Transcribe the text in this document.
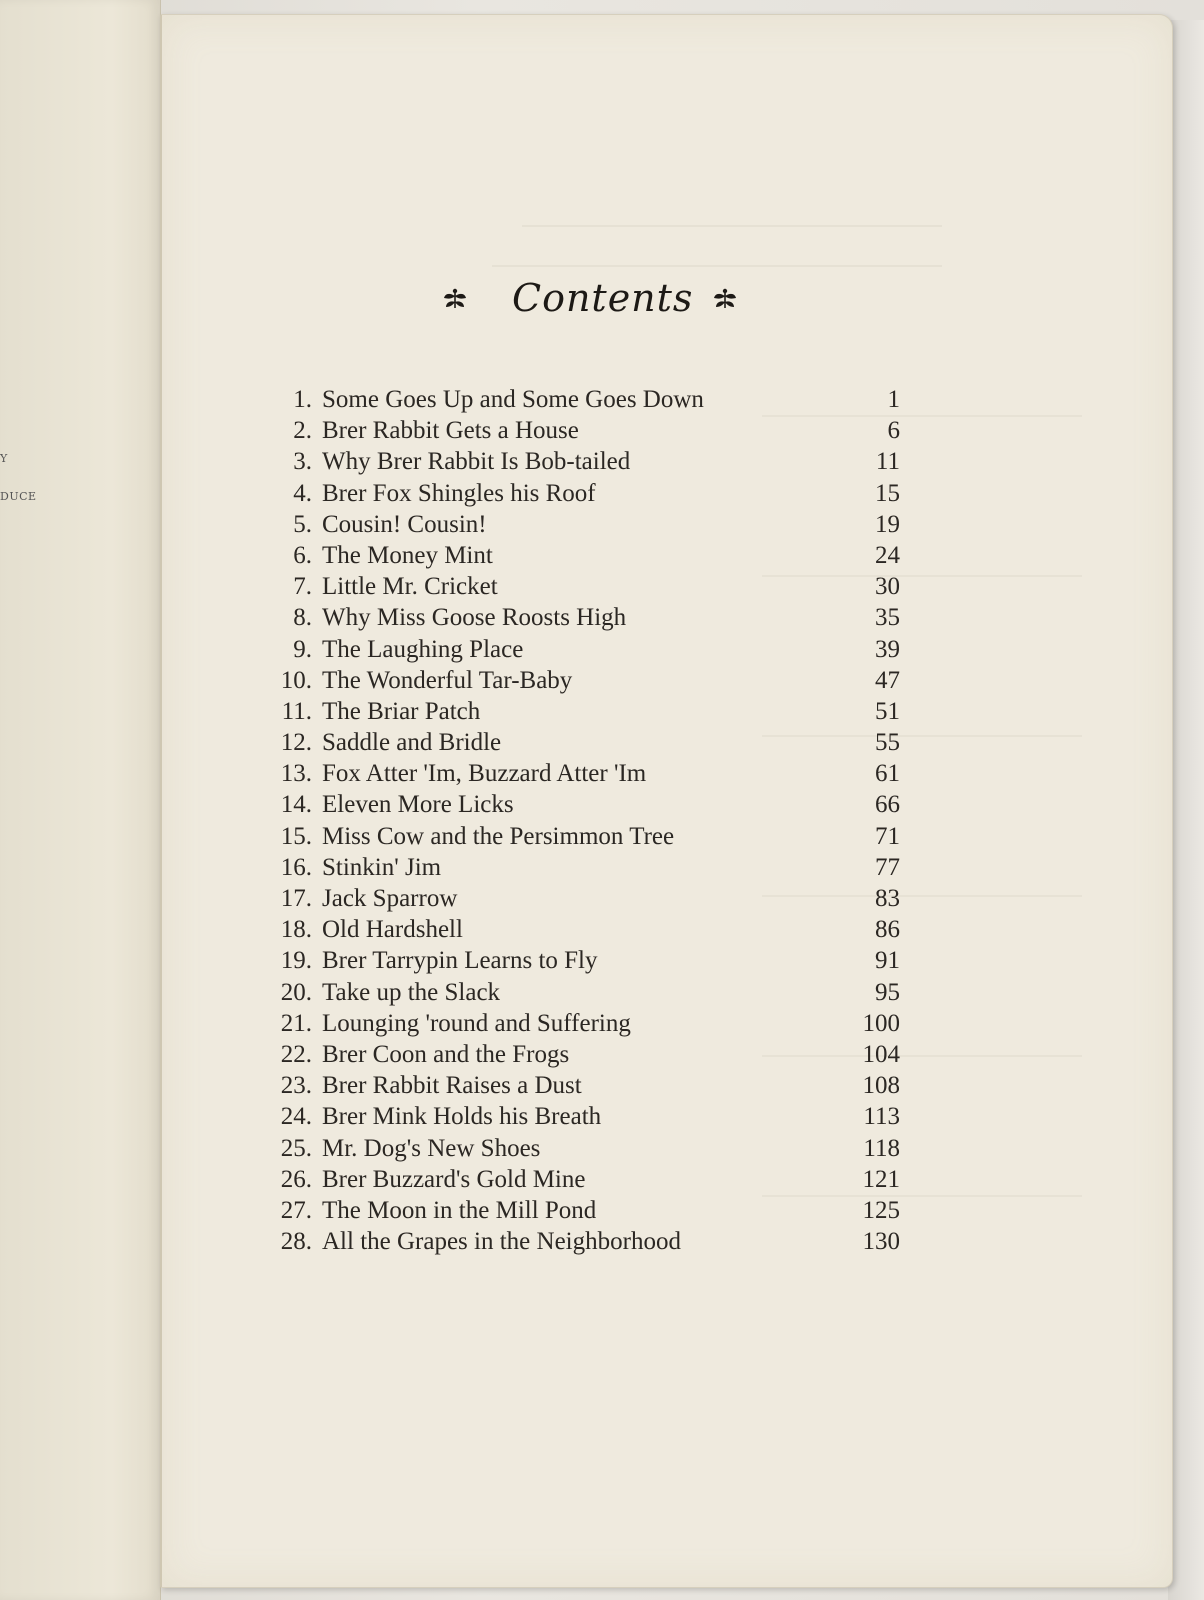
Y
DUCE
Contents
1. Some Goes Up and Some Goes Down	1
2. Brer Rabbit Gets a House	6
3. Why Brer Rabbit Is Bob-tailed	11
4. Brer Fox Shingles his Roof	15
5. Cousin! Cousin!	19
6. The Money Mint	24
7. Little Mr. Cricket	30
8. Why Miss Goose Roosts High	35
9. The Laughing Place	39
10. The Wonderful Tar-Baby	47
11. The Briar Patch	51
12. Saddle and Bridle	55
13. Fox Atter 'Im, Buzzard Atter 'Im	61
14. Eleven More Licks	66
15. Miss Cow and the Persimmon Tree	71
16. Stinkin' Jim	77
17. Jack Sparrow	83
18. Old Hardshell	86
19. Brer Tarrypin Learns to Fly	91
20. Take up the Slack	95
21. Lounging 'round and Suffering	100
22. Brer Coon and the Frogs	104
23. Brer Rabbit Raises a Dust	108
24. Brer Mink Holds his Breath	113
25. Mr. Dog's New Shoes	118
26. Brer Buzzard's Gold Mine	121
27. The Moon in the Mill Pond	125
28. All the Grapes in the Neighborhood	130
